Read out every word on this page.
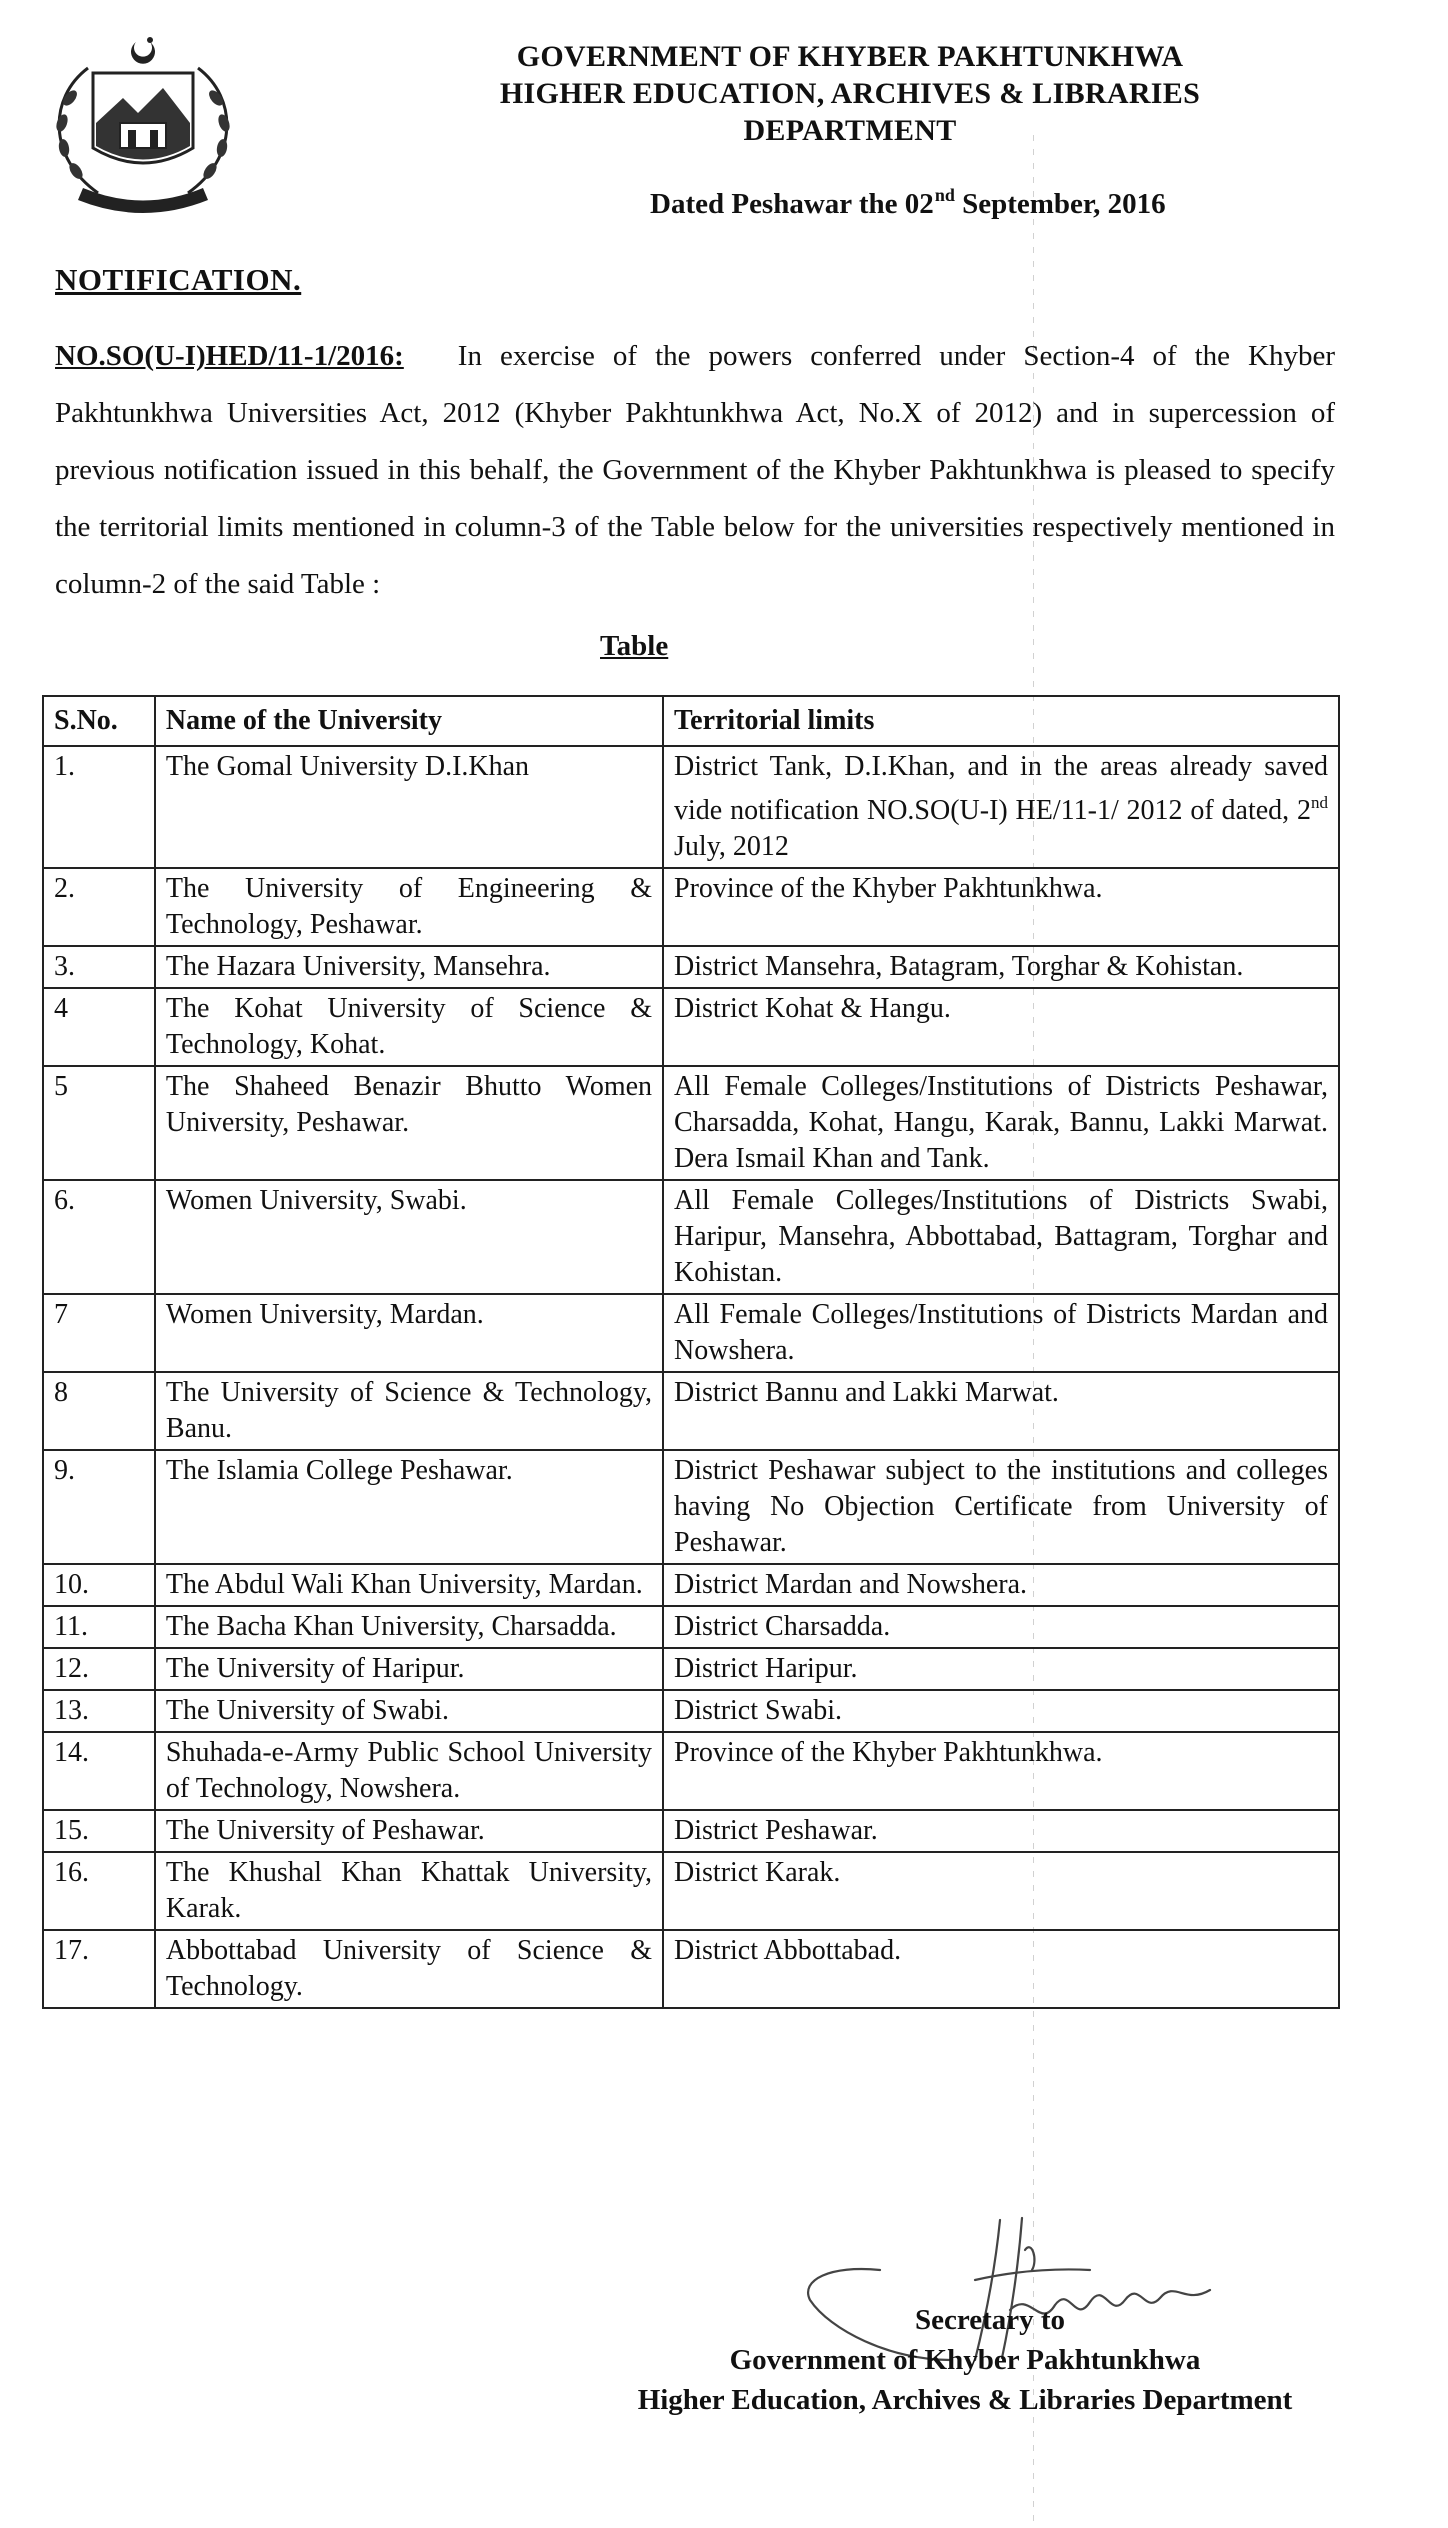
GOVERNMENT OF KHYBER PAKHTUNKHWA
HIGHER EDUCATION, ARCHIVES & LIBRARIES
DEPARTMENT
Dated Peshawar the 02nd September, 2016
NOTIFICATION.
NO.SO(U-I)HED/11-1/2016: In exercise of the powers conferred under Section-4 of the Khyber Pakhtunkhwa Universities Act, 2012 (Khyber Pakhtunkhwa Act, No.X of 2012) and in supercession of previous notification issued in this behalf, the Government of the Khyber Pakhtunkhwa is pleased to specify the territorial limits mentioned in column-3 of the Table below for the universities respectively mentioned in column-2 of the said Table :
Table
S.No.	Name of the University	Territorial limits
1.	The Gomal University D.I.Khan	District Tank, D.I.Khan, and in the areas already saved vide notification NO.SO(U-I) HE/11-1/ 2012 of dated, 2nd July, 2012
2.	The University of Engineering & Technology, Peshawar.	Province of the Khyber Pakhtunkhwa.
3.	The Hazara University, Mansehra.	District Mansehra, Batagram, Torghar & Kohistan.
4	The Kohat University of Science & Technology, Kohat.	District Kohat & Hangu.
5	The Shaheed Benazir Bhutto Women University, Peshawar.	All Female Colleges/Institutions of Districts Peshawar, Charsadda, Kohat, Hangu, Karak, Bannu, Lakki Marwat. Dera Ismail Khan and Tank.
6.	Women University, Swabi.	All Female Colleges/Institutions of Districts Swabi, Haripur, Mansehra, Abbottabad, Battagram, Torghar and Kohistan.
7	Women University, Mardan.	All Female Colleges/Institutions of Districts Mardan and Nowshera.
8	The University of Science & Technology, Banu.	District Bannu and Lakki Marwat.
9.	The Islamia College Peshawar.	District Peshawar subject to the institutions and colleges having No Objection Certificate from University of Peshawar.
10.	The Abdul Wali Khan University, Mardan.	District Mardan and Nowshera.
11.	The Bacha Khan University, Charsadda.	District Charsadda.
12.	The University of Haripur.	District Haripur.
13.	The University of Swabi.	District Swabi.
14.	Shuhada-e-Army Public School University of Technology, Nowshera.	Province of the Khyber Pakhtunkhwa.
15.	The University of Peshawar.	District Peshawar.
16.	The Khushal Khan Khattak University, Karak.	District Karak.
17.	Abbottabad University of Science & Technology.	District Abbottabad.
Secretary to
Government of Khyber Pakhtunkhwa
Higher Education, Archives & Libraries Department
